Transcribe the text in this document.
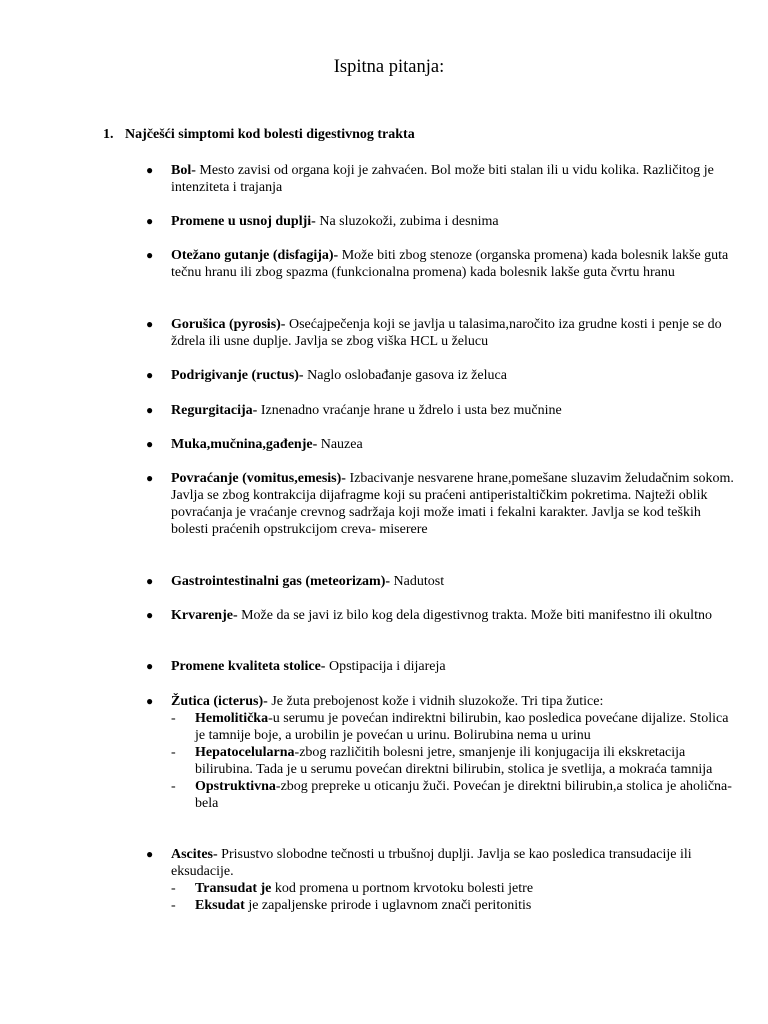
Ispitna pitanja:
1. Najčešći simptomi kod bolesti digestivnog trakta
●	Bol- Mesto zavisi od organa koji je zahvaćen. Bol može biti stalan ili u vidu kolika. Različitog je intenziteta i trajanja
●	Promene u usnoj duplji- Na sluzokoži, zubima i desnima
●	Otežano gutanje (disfagija)- Može biti zbog stenoze (organska promena) kada bolesnik lakše guta tečnu hranu ili zbog spazma (funkcionalna promena) kada bolesnik lakše guta čvrtu hranu
●	Gorušica (pyrosis)- Osećajpečenja koji se javlja u talasima,naročito iza grudne kosti i penje se do ždrela ili usne duplje. Javlja se zbog viška HCL u želucu
●	Podrigivanje (ructus)- Naglo oslobađanje gasova iz želuca
●	Regurgitacija- Iznenadno vraćanje hrane u ždrelo i usta bez mučnine
●	Muka,mučnina,gađenje- Nauzea
●	Povraćanje (vomitus,emesis)- Izbacivanje nesvarene hrane,pomešane sluzavim želudačnim sokom. Javlja se zbog kontrakcija dijafragme koji su praćeni antiperistaltičkim pokretima. Najteži oblik povraćanja je vraćanje crevnog sadržaja koji može imati i fekalni karakter. Javlja se kod teških bolesti praćenih opstrukcijom creva- miserere
●	Gastrointestinalni gas (meteorizam)- Nadutost
●	Krvarenje- Može da se javi iz bilo kog dela digestivnog trakta. Može biti manifestno ili okultno
●	Promene kvaliteta stolice- Opstipacija i dijareja
●	Žutica (icterus)- Je žuta prebojenost kože i vidnih sluzokože. Tri tipa žutice:
- Hemolitička-u serumu je povećan indirektni bilirubin, kao posledica povećane dijalize. Stolica je tamnije boje, a urobilin je povećan u urinu. Bolirubina nema u urinu
- Hepatocelularna-zbog različitih bolesni jetre, smanjenje ili konjugacija ili ekskretacija bilirubina. Tada je u serumu povećan direktni bilirubin, stolica je svetlija, a mokraća tamnija
- Opstruktivna-zbog prepreke u oticanju žuči. Povećan je direktni bilirubin,a stolica je aholična-bela
●	Ascites- Prisustvo slobodne tečnosti u trbušnoj duplji. Javlja se kao posledica transudacije ili eksudacije.
- Transudat je kod promena u portnom krvotoku bolesti jetre
- Eksudat je zapaljenske prirode i uglavnom znači peritonitis
